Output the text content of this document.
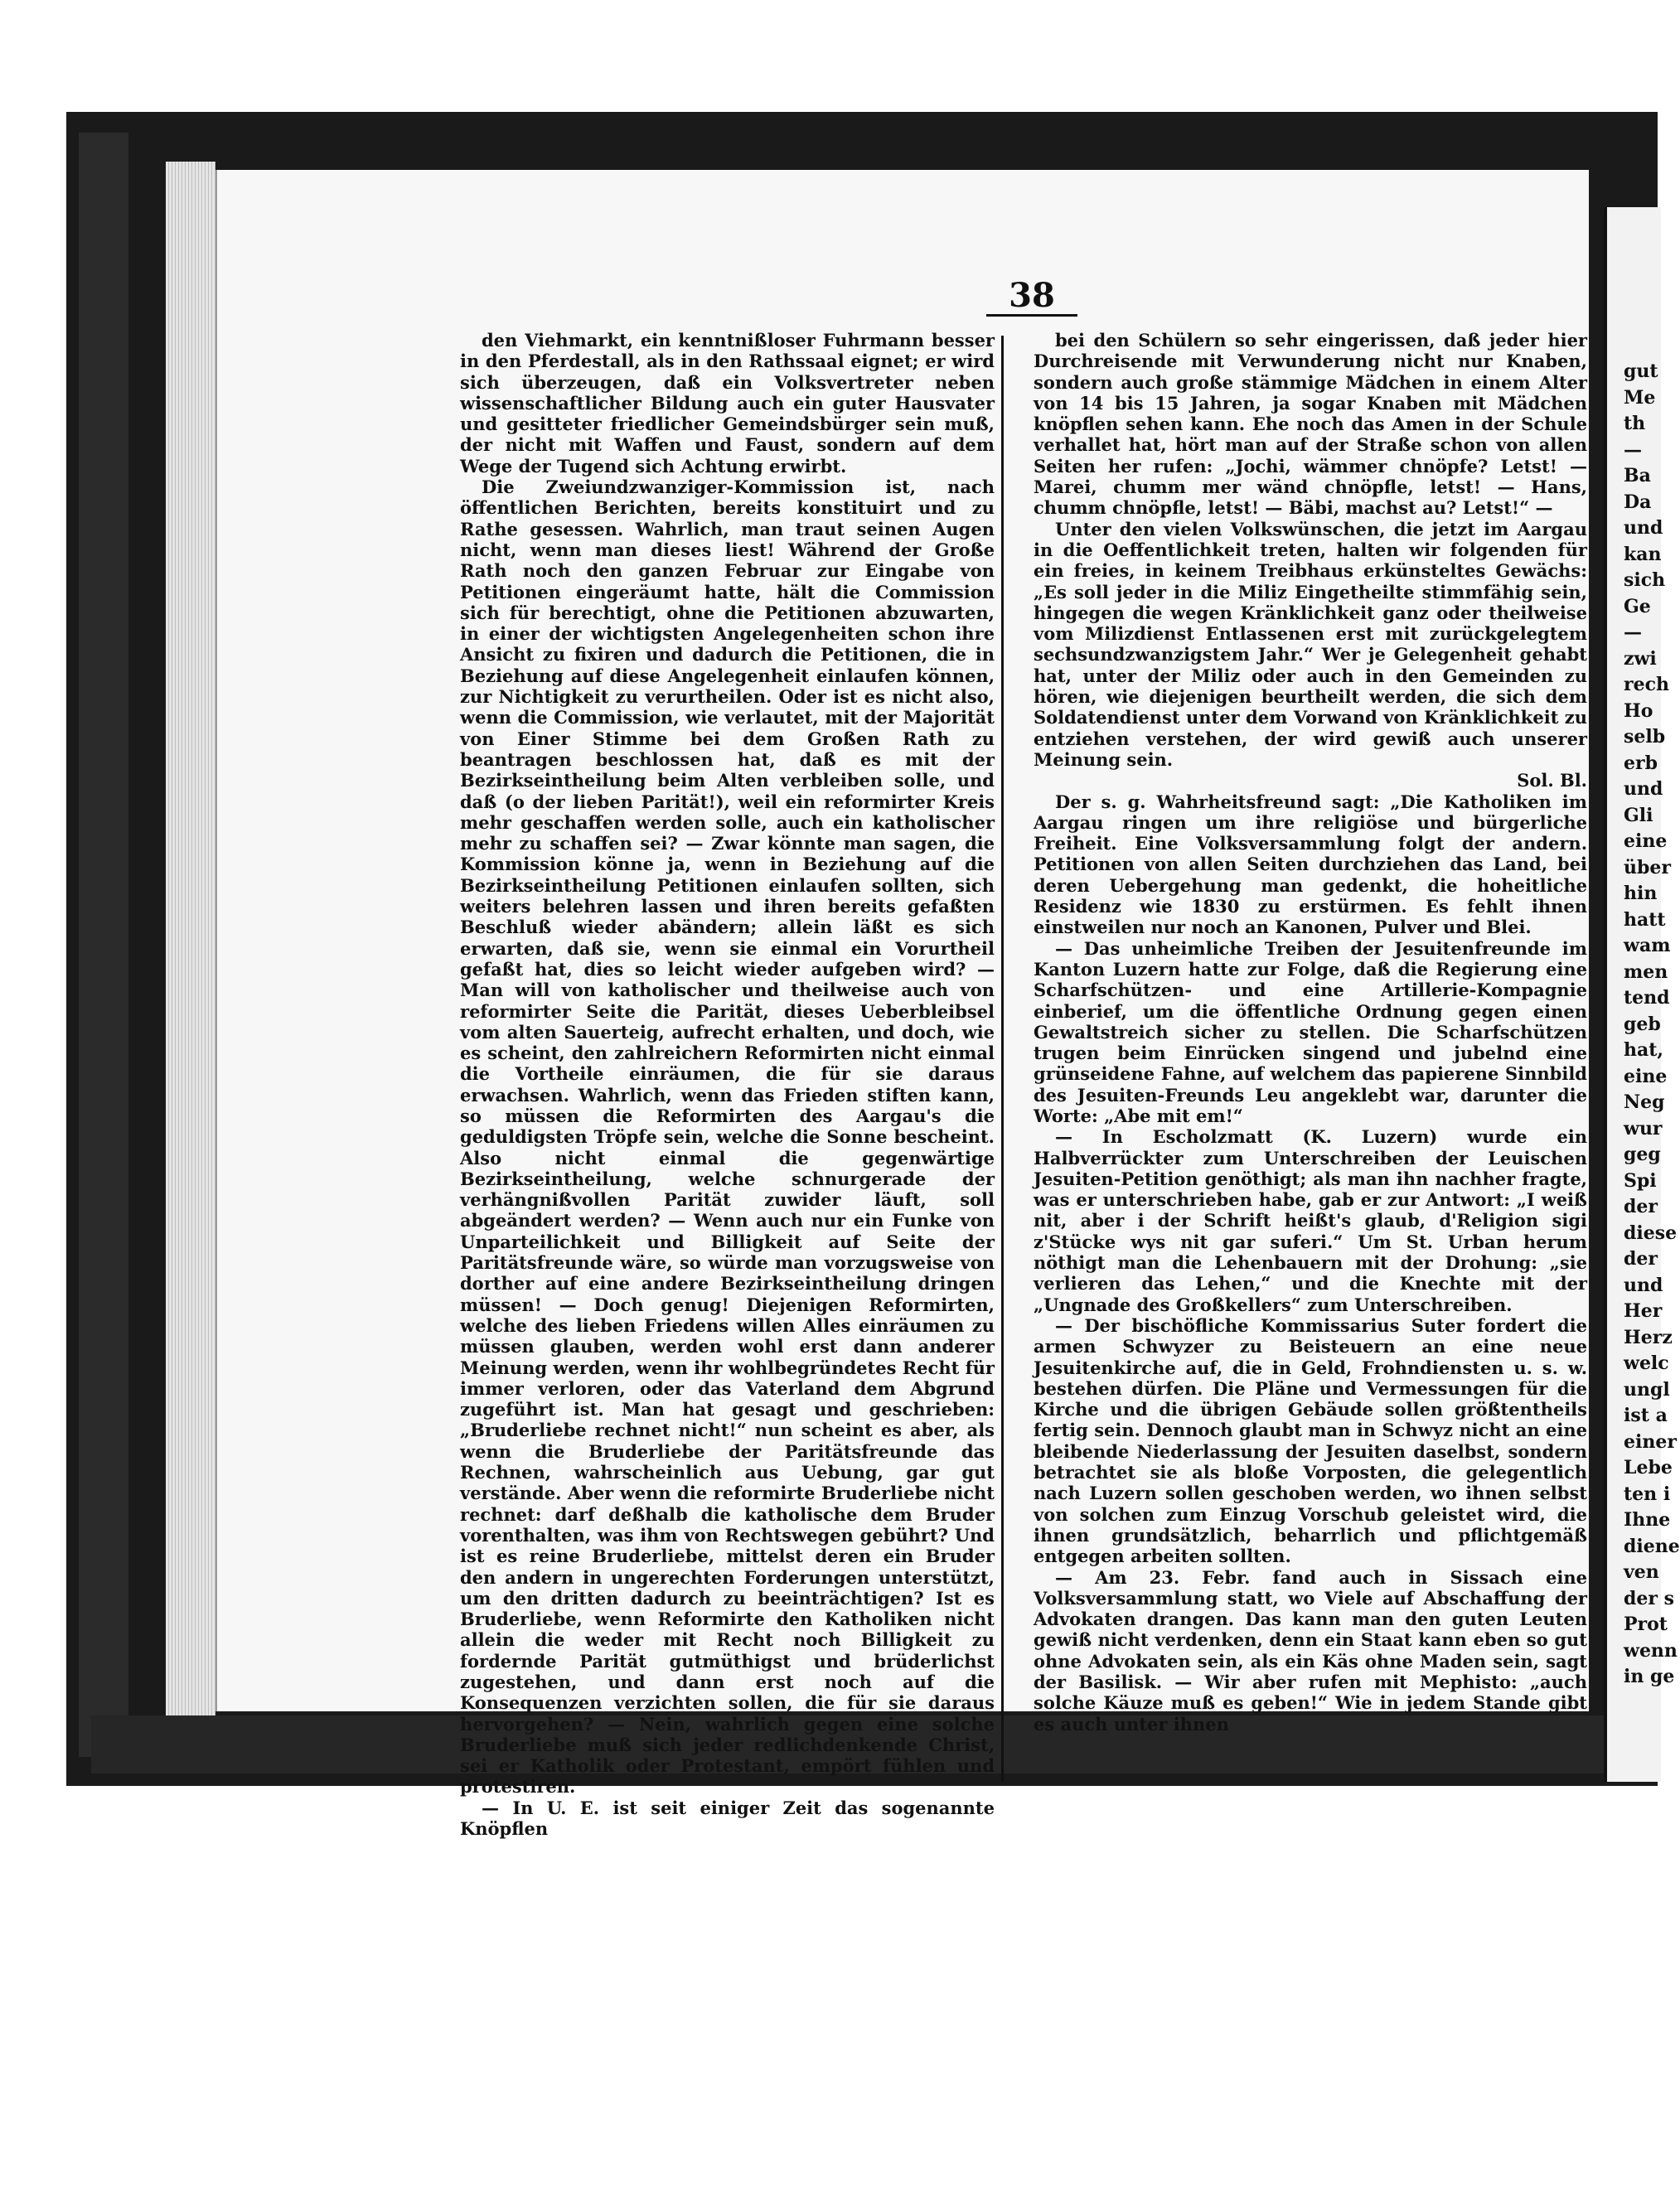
gut
Me
th
—
Ba
Da
und
kan
sich
Ge
—
zwi
rech
Ho
selb
erb
und
Gli
eine
über
hin
hatt
wam
men
tend
geb
hat,
eine
Neg
wur
geg
Spi
der
diese
der
und
Her
Herz
welc
ungl
ist a
einer
Lebe
ten i
Ihne
diene
ven
der s
Prot
wenn
in ge
38

den Viehmarkt, ein kenntnißloser Fuhrmann besser in den Pferdestall, als in den Rathssaal eignet; er wird sich überzeugen, daß ein Volksvertreter neben wissenschaftlicher Bildung auch ein guter Hausvater und gesitteter friedlicher Gemeindsbürger sein muß, der nicht mit Waffen und Faust, sondern auf dem Wege der Tugend sich Achtung erwirbt.

Die Zweiundzwanziger-Kommission ist, nach öffentlichen Berichten, bereits konstituirt und zu Rathe gesessen. Wahrlich, man traut seinen Augen nicht, wenn man dieses liest! Während der Große Rath noch den ganzen Februar zur Eingabe von Petitionen eingeräumt hatte, hält die Commission sich für berechtigt, ohne die Petitionen abzuwarten, in einer der wichtigsten Angelegenheiten schon ihre Ansicht zu fixiren und dadurch die Petitionen, die in Beziehung auf diese Angelegenheit einlaufen können, zur Nichtigkeit zu verurtheilen. Oder ist es nicht also, wenn die Commission, wie verlautet, mit der Majorität von Einer Stimme bei dem Großen Rath zu beantragen beschlossen hat, daß es mit der Bezirkseintheilung beim Alten verbleiben solle, und daß (o der lieben Parität!), weil ein reformirter Kreis mehr geschaffen werden solle, auch ein katholischer mehr zu schaffen sei? — Zwar könnte man sagen, die Kommission könne ja, wenn in Beziehung auf die Bezirkseintheilung Petitionen einlaufen sollten, sich weiters belehren lassen und ihren bereits gefaßten Beschluß wieder abändern; allein läßt es sich erwarten, daß sie, wenn sie einmal ein Vorurtheil gefaßt hat, dies so leicht wieder aufgeben wird? — Man will von katholischer und theilweise auch von reformirter Seite die Parität, dieses Ueberbleibsel vom alten Sauerteig, aufrecht erhalten, und doch, wie es scheint, den zahlreichern Reformirten nicht einmal die Vortheile einräumen, die für sie daraus erwachsen. Wahrlich, wenn das Frieden stiften kann, so müssen die Reformirten des Aargau's die geduldigsten Tröpfe sein, welche die Sonne bescheint. Also nicht einmal die gegenwärtige Bezirkseintheilung, welche schnurgerade der verhängnißvollen Parität zuwider läuft, soll abgeändert werden? — Wenn auch nur ein Funke von Unparteilichkeit und Billigkeit auf Seite der Paritätsfreunde wäre, so würde man vorzugsweise von dorther auf eine andere Bezirkseintheilung dringen müssen! — Doch genug! Diejenigen Reformirten, welche des lieben Friedens willen Alles einräumen zu müssen glauben, werden wohl erst dann anderer Meinung werden, wenn ihr wohlbegründetes Recht für immer verloren, oder das Vaterland dem Abgrund zugeführt ist. Man hat gesagt und geschrieben: „Bruderliebe rechnet nicht!“ nun scheint es aber, als wenn die Bruderliebe der Paritätsfreunde das Rechnen, wahrscheinlich aus Uebung, gar gut verstände. Aber wenn die reformirte Bruderliebe nicht rechnet: darf deßhalb die katholische dem Bruder vorenthalten, was ihm von Rechtswegen gebührt? Und ist es reine Bruderliebe, mittelst deren ein Bruder den andern in ungerechten Forderungen unterstützt, um den dritten dadurch zu beeinträchtigen? Ist es Bruderliebe, wenn Reformirte den Katholiken nicht allein die weder mit Recht noch Billigkeit zu fordernde Parität gutmüthigst und brüderlichst zugestehen, und dann erst noch auf die Konsequenzen verzichten sollen, die für sie daraus hervorgehen? — Nein, wahrlich gegen eine solche Bruderliebe muß sich jeder redlichdenkende Christ, sei er Katholik oder Protestant, empört fühlen und protestiren.

— In U. E. ist seit einiger Zeit das sogenannte Knöpflen

bei den Schülern so sehr eingerissen, daß jeder hier Durchreisende mit Verwunderung nicht nur Knaben, sondern auch große stämmige Mädchen in einem Alter von 14 bis 15 Jahren, ja sogar Knaben mit Mädchen knöpflen sehen kann. Ehe noch das Amen in der Schule verhallet hat, hört man auf der Straße schon von allen Seiten her rufen: „Jochi, wämmer chnöpfe? Letst! — Marei, chumm mer wänd chnöpfle, letst! — Hans, chumm chnöpfle, letst! — Bäbi, machst au? Letst!“ —

Unter den vielen Volkswünschen, die jetzt im Aargau in die Oeffentlichkeit treten, halten wir folgenden für ein freies, in keinem Treibhaus erkünsteltes Gewächs: „Es soll jeder in die Miliz Eingetheilte stimmfähig sein, hingegen die wegen Kränklichkeit ganz oder theilweise vom Milizdienst Entlassenen erst mit zurückgelegtem sechsundzwanzigstem Jahr.“ Wer je Gelegenheit gehabt hat, unter der Miliz oder auch in den Gemeinden zu hören, wie diejenigen beurtheilt werden, die sich dem Soldatendienst unter dem Vorwand von Kränklichkeit zu entziehen verstehen, der wird gewiß auch unserer Meinung sein.

Sol. Bl.

Der s. g. Wahrheitsfreund sagt: „Die Katholiken im Aargau ringen um ihre religiöse und bürgerliche Freiheit. Eine Volksversammlung folgt der andern. Petitionen von allen Seiten durchziehen das Land, bei deren Uebergehung man gedenkt, die hoheitliche Residenz wie 1830 zu erstürmen. Es fehlt ihnen einstweilen nur noch an Kanonen, Pulver und Blei.

— Das unheimliche Treiben der Jesuitenfreunde im Kanton Luzern hatte zur Folge, daß die Regierung eine Scharfschützen- und eine Artillerie-Kompagnie einberief, um die öffentliche Ordnung gegen einen Gewaltstreich sicher zu stellen. Die Scharfschützen trugen beim Einrücken singend und jubelnd eine grünseidene Fahne, auf welchem das papierene Sinnbild des Jesuiten-Freunds Leu angeklebt war, darunter die Worte: „Abe mit em!“

— In Escholzmatt (K. Luzern) wurde ein Halbverrückter zum Unterschreiben der Leuischen Jesuiten-Petition genöthigt; als man ihn nachher fragte, was er unterschrieben habe, gab er zur Antwort: „I weiß nit, aber i der Schrift heißt's glaub, d'Religion sigi z'Stücke wys nit gar suferi.“ Um St. Urban herum nöthigt man die Lehenbauern mit der Drohung: „sie verlieren das Lehen,“ und die Knechte mit der „Ungnade des Großkellers“ zum Unterschreiben.

— Der bischöfliche Kommissarius Suter fordert die armen Schwyzer zu Beisteuern an eine neue Jesuitenkirche auf, die in Geld, Frohndiensten u. s. w. bestehen dürfen. Die Pläne und Vermessungen für die Kirche und die übrigen Gebäude sollen größtentheils fertig sein. Dennoch glaubt man in Schwyz nicht an eine bleibende Niederlassung der Jesuiten daselbst, sondern betrachtet sie als bloße Vorposten, die gelegentlich nach Luzern sollen geschoben werden, wo ihnen selbst von solchen zum Einzug Vorschub geleistet wird, die ihnen grundsätzlich, beharrlich und pflichtgemäß entgegen arbeiten sollten.

— Am 23. Febr. fand auch in Sissach eine Volksversammlung statt, wo Viele auf Abschaffung der Advokaten drangen. Das kann man den guten Leuten gewiß nicht verdenken, denn ein Staat kann eben so gut ohne Advokaten sein, als ein Käs ohne Maden sein, sagt der Basilisk. — Wir aber rufen mit Mephisto: „auch solche Käuze muß es geben!“ Wie in jedem Stande gibt es auch unter ihnen
